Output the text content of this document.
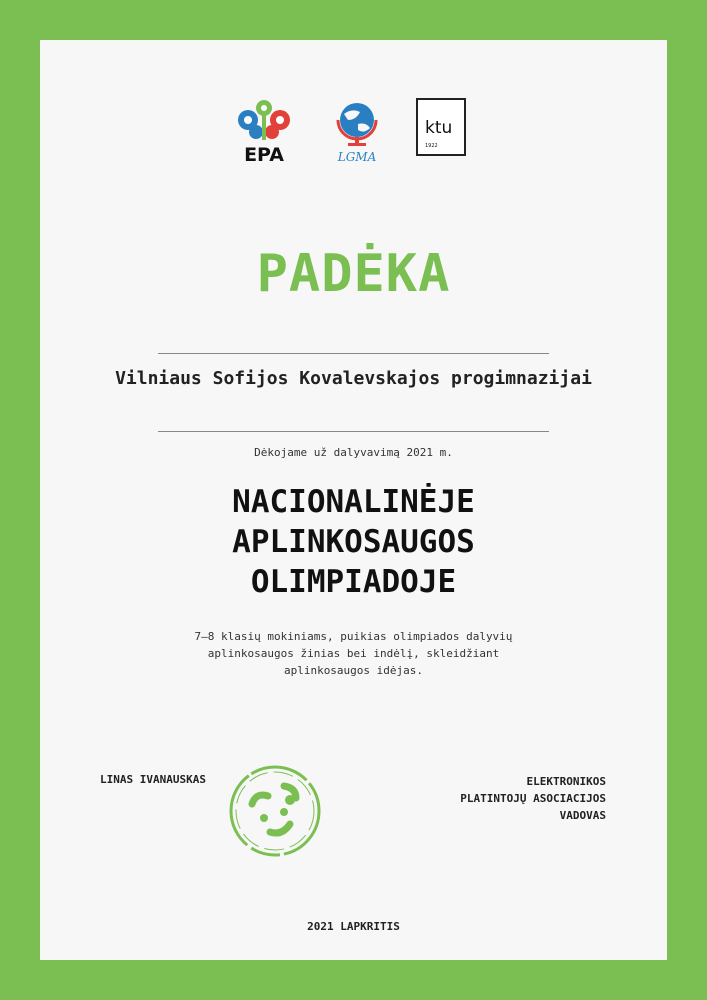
EPA	LGMA
ktu
1922
PADĖKA
Vilniaus Sofijos Kovalevskajos progimnazijai
Dėkojame už dalyvavimą 2021 m.
NACIONALINĖJE
APLINKOSAUGOS
OLIMPIADOJE
7–8 klasių mokiniams, puikias olimpiados dalyvių
aplinkosaugos žinias bei indėlį, skleidžiant
aplinkosaugos idėjas.
LINAS IVANAUSKAS	ELEKTRONIKOS
PLATINTOJŲ ASOCIACIJOS
VADOVAS
2021 LAPKRITIS
